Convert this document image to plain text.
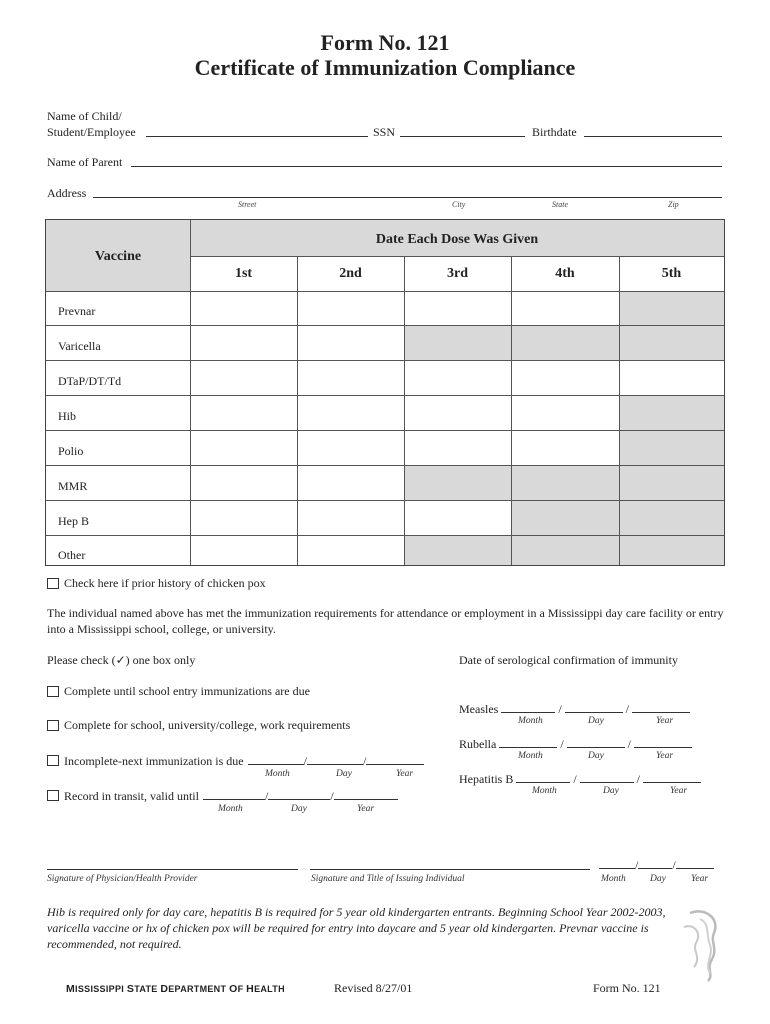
Form No. 121
Certificate of Immunization Compliance
Name of Child/
Student/Employee	SSN	Birthdate
Name of Parent
Address
Street	City	State	Zip
Vaccine
Date Each Dose Was Given
1st	2nd	3rd	4th	5th
Prevnar
Varicella
DTaP/DT/Td
Hib
Polio
MMR
Hep B
Other
Check here if prior history of chicken pox
The individual named above has met the immunization requirements for attendance or employment in a Mississippi day care facility or entry into a Mississippi school, college, or university.
Please check (✓) one box only	Date of serological confirmation of immunity
Complete until school entry immunizations are due
Complete for school, university/college, work requirements
Incomplete-next immunization is due	/	/
Month	Day	Year
Record in transit, valid until	/	/
Month	Day	Year
Measles	/	/
Month	Day	Year
Rubella	/	/
Month	Day	Year
Hepatitis B	/	/
Month	Day	Year
Signature of Physician/Health Provider	Signature and Title of Issuing Individual
/	/
Month	Day	Year
Hib is required only for day care, hepatitis B is required for 5 year old kindergarten entrants. Beginning School Year 2002-2003, varicella vaccine or hx of chicken pox will be required for entry into daycare and 5 year old kindergarten. Prevnar vaccine is recommended, not required.
MISSISSIPPI STATE DEPARTMENT OF HEALTH	Revised 8/27/01	Form No. 121
